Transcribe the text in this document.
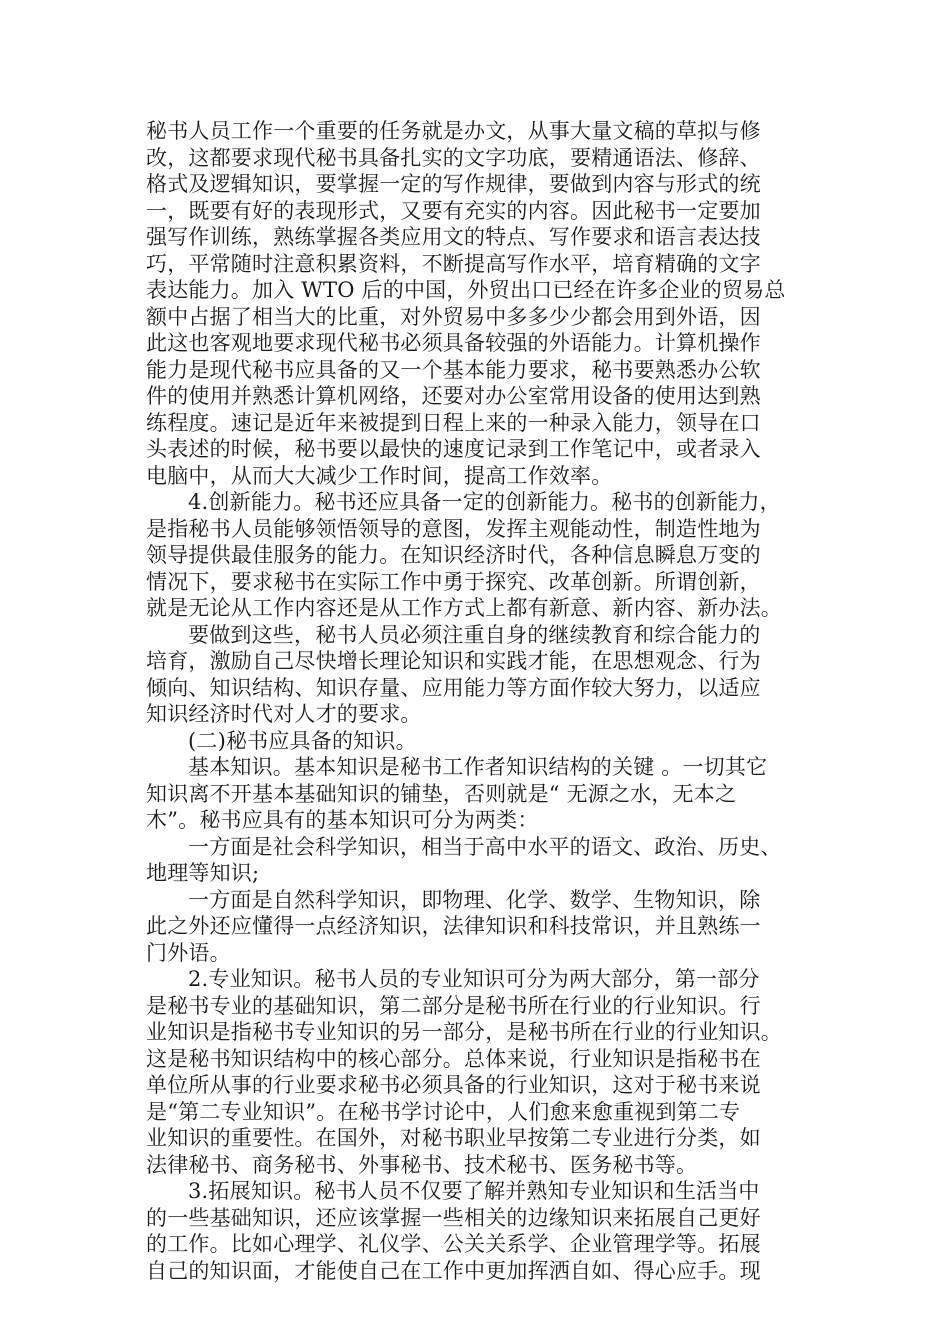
秘书人员工作一个重要的任务就是办文，从事大量文稿的草拟与修
改，这都要求现代秘书具备扎实的文字功底，要精通语法、修辞、
格式及逻辑知识，要掌握一定的写作规律，要做到内容与形式的统
一，既要有好的表现形式，又要有充实的内容。因此秘书一定要加
强写作训练，熟练掌握各类应用文的特点、写作要求和语言表达技
巧，平常随时注意积累资料，不断提高写作水平，培育精确的文字
表达能力。加入 WTO 后的中国，外贸出口已经在许多企业的贸易总
额中占据了相当大的比重，对外贸易中多多少少都会用到外语，因
此这也客观地要求现代秘书必须具备较强的外语能力。计算机操作
能力是现代秘书应具备的又一个基本能力要求，秘书要熟悉办公软
件的使用并熟悉计算机网络，还要对办公室常用设备的使用达到熟
练程度。速记是近年来被提到日程上来的一种录入能力，领导在口
头表述的时候，秘书要以最快的速度记录到工作笔记中，或者录入
电脑中，从而大大减少工作时间，提高工作效率。
4.创新能力。秘书还应具备一定的创新能力。秘书的创新能力，
是指秘书人员能够领悟领导的意图，发挥主观能动性，制造性地为
领导提供最佳服务的能力。在知识经济时代，各种信息瞬息万变的
情况下，要求秘书在实际工作中勇于探究、改革创新。所谓创新，
就是无论从工作内容还是从工作方式上都有新意、新内容、新办法。
要做到这些，秘书人员必须注重自身的继续教育和综合能力的
培育，激励自己尽快增长理论知识和实践才能，在思想观念、行为
倾向、知识结构、知识存量、应用能力等方面作较大努力，以适应
知识经济时代对人才的要求。
(二)秘书应具备的知识。
基本知识。基本知识是秘书工作者知识结构的关键 。一切其它
知识离不开基本基础知识的铺垫，否则就是“ 无源之水，无本之
木”。秘书应具有的基本知识可分为两类：
一方面是社会科学知识，相当于高中水平的语文、政治、历史、
地理等知识;
一方面是自然科学知识，即物理、化学、数学、生物知识，除
此之外还应懂得一点经济知识，法律知识和科技常识，并且熟练一
门外语。
2.专业知识。秘书人员的专业知识可分为两大部分，第一部分
是秘书专业的基础知识，第二部分是秘书所在行业的行业知识。行
业知识是指秘书专业知识的另一部分，是秘书所在行业的行业知识。
这是秘书知识结构中的核心部分。总体来说，行业知识是指秘书在
单位所从事的行业要求秘书必须具备的行业知识，这对于秘书来说
是“第二专业知识”。在秘书学讨论中，人们愈来愈重视到第二专
业知识的重要性。在国外，对秘书职业早按第二专业进行分类，如
法律秘书、商务秘书、外事秘书、技术秘书、医务秘书等。
3.拓展知识。秘书人员不仅要了解并熟知专业知识和生活当中
的一些基础知识，还应该掌握一些相关的边缘知识来拓展自己更好
的工作。比如心理学、礼仪学、公关关系学、企业管理学等。拓展
自己的知识面，才能使自己在工作中更加挥洒自如、得心应手。现
